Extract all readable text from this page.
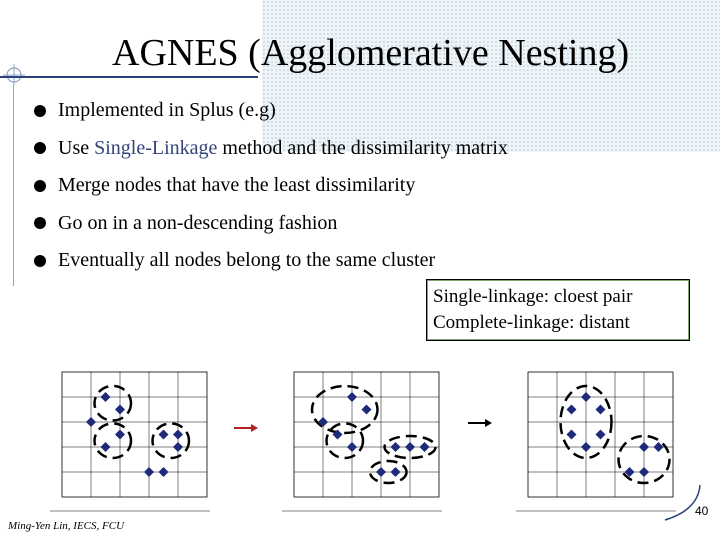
AGNES (Agglomerative Nesting)
Implemented in Splus (e.g)
Use Single-Linkage method and the dissimilarity matrix
Merge nodes that have the least dissimilarity
Go on in a non-descending fashion
Eventually all nodes belong to the same cluster
Single-linkage: cloest pair
Complete-linkage: distant
Ming-Yen Lin, IECS, FCU
40
